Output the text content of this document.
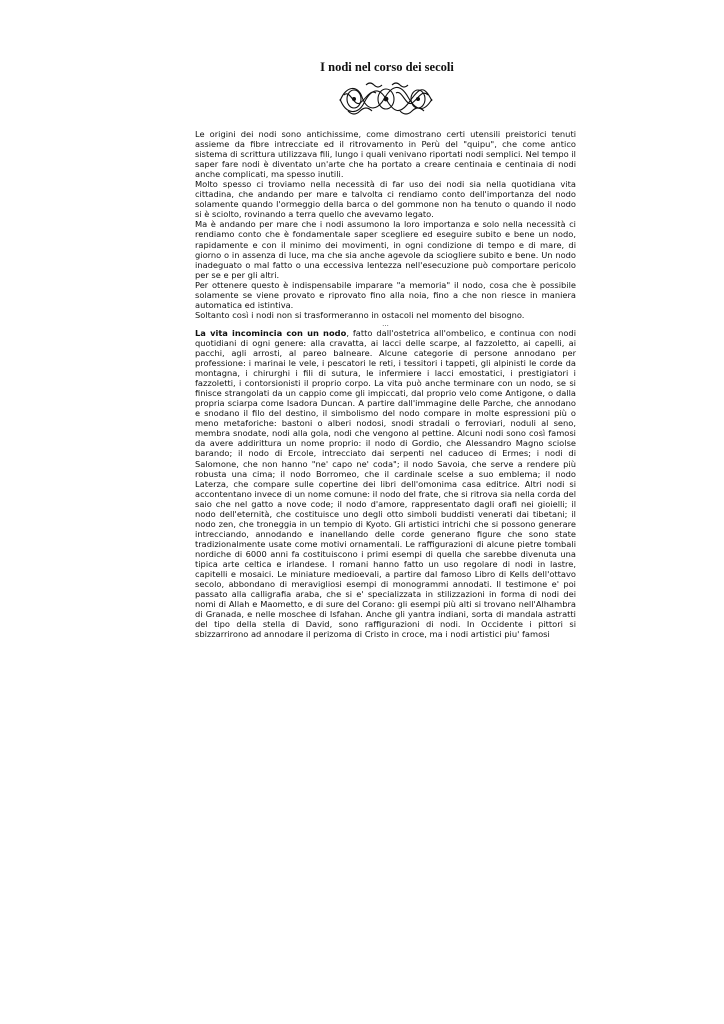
I nodi nel corso dei secoli

Le origini dei nodi sono antichissime, come dimostrano certi utensili preistorici tenuti assieme da fibre intrecciate ed il ritrovamento in Perù del "quipu", che come antico sistema di scrittura utilizzava fili, lungo i quali venivano riportati nodi semplici. Nel tempo il saper fare nodi è diventato un'arte che ha portato a creare centinaia e centinaia di nodi anche complicati, ma spesso inutili.

Molto spesso ci troviamo nella necessità di far uso dei nodi sia nella quotidiana vita cittadina, che andando per mare e talvolta ci rendiamo conto dell'importanza del nodo solamente quando l'ormeggio della barca o del gommone non ha tenuto o quando il nodo si è sciolto, rovinando a terra quello che avevamo legato.

Ma è andando per mare che i nodi assumono la loro importanza e solo nella necessità ci rendiamo conto che è fondamentale saper scegliere ed eseguire subito e bene un nodo, rapidamente e con il minimo dei movimenti, in ogni condizione di tempo e di mare, di giorno o in assenza di luce, ma che sia anche agevole da sciogliere subito e bene. Un nodo inadeguato o mal fatto o una eccessiva lentezza nell'esecuzione può comportare pericolo per se e per gli altri.

Per ottenere questo è indispensabile imparare "a memoria" il nodo, cosa che è possibile solamente se viene provato e riprovato fino alla noia, fino a che non riesce in maniera automatica ed istintiva.

Soltanto così i nodi non si trasformeranno in ostacoli nel momento del bisogno.

...

La vita incomincia con un nodo, fatto dall'ostetrica all'ombelico, e continua con nodi quotidiani di ogni genere: alla cravatta, ai lacci delle scarpe, al fazzoletto, ai capelli, ai pacchi, agli arrosti, al pareo balneare. Alcune categorie di persone annodano per professione: i marinai le vele, i pescatori le reti, i tessitori i tappeti, gli alpinisti le corde da montagna, i chirurghi i fili di sutura, le infermiere i lacci emostatici, i prestigiatori i fazzoletti, i contorsionisti il proprio corpo. La vita può anche terminare con un nodo, se si finisce strangolati da un cappio come gli impiccati, dal proprio velo come Antigone, o dalla propria sciarpa come Isadora Duncan. A partire dall'immagine delle Parche, che annodano e snodano il filo del destino, il simbolismo del nodo compare in molte espressioni più o meno metaforiche: bastoni o alberi nodosi, snodi stradali o ferroviari, noduli al seno, membra snodate, nodi alla gola, nodi che vengono al pettine. Alcuni nodi sono così famosi da avere addirittura un nome proprio: il nodo di Gordio, che Alessandro Magno sciolse barando; il nodo di Ercole, intrecciato dai serpenti nel caduceo di Ermes; i nodi di Salomone, che non hanno "ne' capo ne' coda"; il nodo Savoia, che serve a rendere più robusta una cima; il nodo Borromeo, che il cardinale scelse a suo emblema; il nodo Laterza, che compare sulle copertine dei libri dell'omonima casa editrice. Altri nodi si accontentano invece di un nome comune: il nodo del frate, che si ritrova sia nella corda del saio che nel gatto a nove code; il nodo d'amore, rappresentato dagli orafi nei gioielli; il nodo dell'eternità, che costituisce uno degli otto simboli buddisti venerati dai tibetani; il nodo zen, che troneggia in un tempio di Kyoto. Gli artistici intrichi che si possono generare intrecciando, annodando e inanellando delle corde generano figure che sono state tradizionalmente usate come motivi ornamentali. Le raffigurazioni di alcune pietre tombali nordiche di 6000 anni fa costituiscono i primi esempi di quella che sarebbe divenuta una tipica arte celtica e irlandese. I romani hanno fatto un uso regolare di nodi in lastre, capitelli e mosaici. Le miniature medioevali, a partire dal famoso Libro di Kells dell'ottavo secolo, abbondano di meravigliosi esempi di monogrammi annodati. Il testimone e' poi passato alla calligrafia araba, che si e' specializzata in stilizzazioni in forma di nodi dei nomi di Allah e Maometto, e di sure del Corano: gli esempi più alti si trovano nell'Alhambra di Granada, e nelle moschee di Isfahan. Anche gli yantra indiani, sorta di mandala astratti del tipo della stella di David, sono raffigurazioni di nodi. In Occidente i pittori si sbizzarrirono ad annodare il perizoma di Cristo in croce, ma i nodi artistici piu' famosi
